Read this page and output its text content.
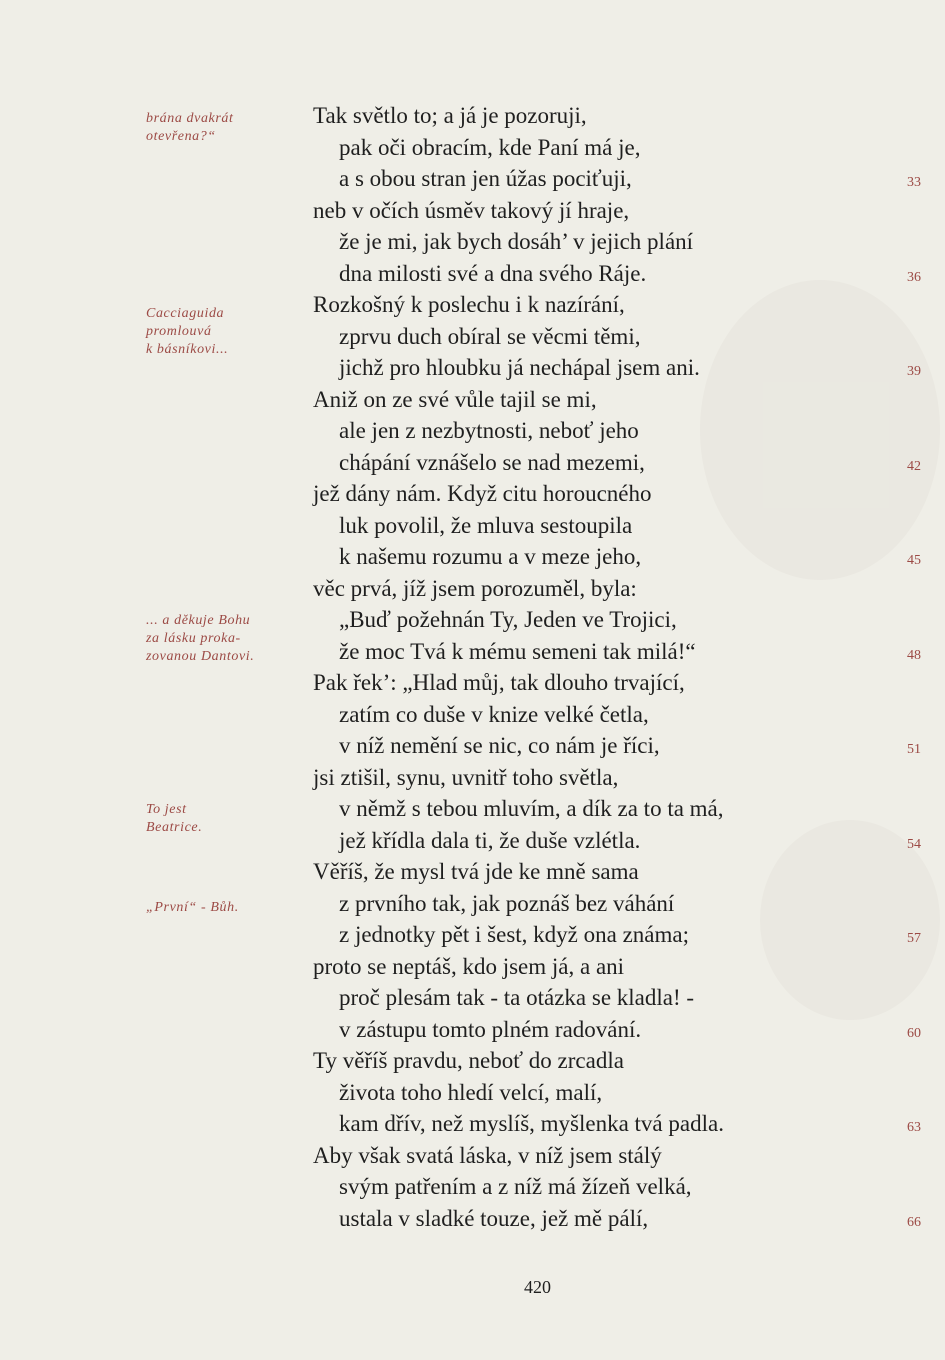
brána dvakrát
otevřena?“
Cacciaguida
promlouvá
k básníkovi...
... a děkuje Bohu
za lásku proka-
zovanou Dantovi.
To jest
Beatrice.
„První“ - Bůh.
Tak světlo to; a já je pozoruji,
pak oči obracím, kde Paní má je,
a s obou stran jen úžas pociťuji,
neb v očích úsměv takový jí hraje,
že je mi, jak bych dosáh’ v jejich plání
dna milosti své a dna svého Ráje.
Rozkošný k poslechu i k nazírání,
zprvu duch obíral se věcmi těmi,
jichž pro hloubku já nechápal jsem ani.
Aniž on ze své vůle tajil se mi,
ale jen z nezbytnosti, neboť jeho
chápání vznášelo se nad mezemi,
jež dány nám. Když citu horoucného
luk povolil, že mluva sestoupila
k našemu rozumu a v meze jeho,
věc prvá, jíž jsem porozuměl, byla:
„Buď požehnán Ty, Jeden ve Trojici,
že moc Tvá k mému semeni tak milá!“
Pak řek’: „Hlad můj, tak dlouho trvající,
zatím co duše v knize velké četla,
v níž nemění se nic, co nám je říci,
jsi ztišil, synu, uvnitř toho světla,
v němž s tebou mluvím, a dík za to ta má,
jež křídla dala ti, že duše vzlétla.
Věříš, že mysl tvá jde ke mně sama
z prvního tak, jak poznáš bez váhání
z jednotky pět i šest, když ona známa;
proto se neptáš, kdo jsem já, a ani
proč plesám tak - ta otázka se kladla! -
v zástupu tomto plném radování.
Ty věříš pravdu, neboť do zrcadla
života toho hledí velcí, malí,
kam dřív, než myslíš, myšlenka tvá padla.
Aby však svatá láska, v níž jsem stálý
svým patřením a z níž má žízeň velká,
ustala v sladké touze, jež mě pálí,
33
36
39
42
45
48
51
54
57
60
63
66
420
